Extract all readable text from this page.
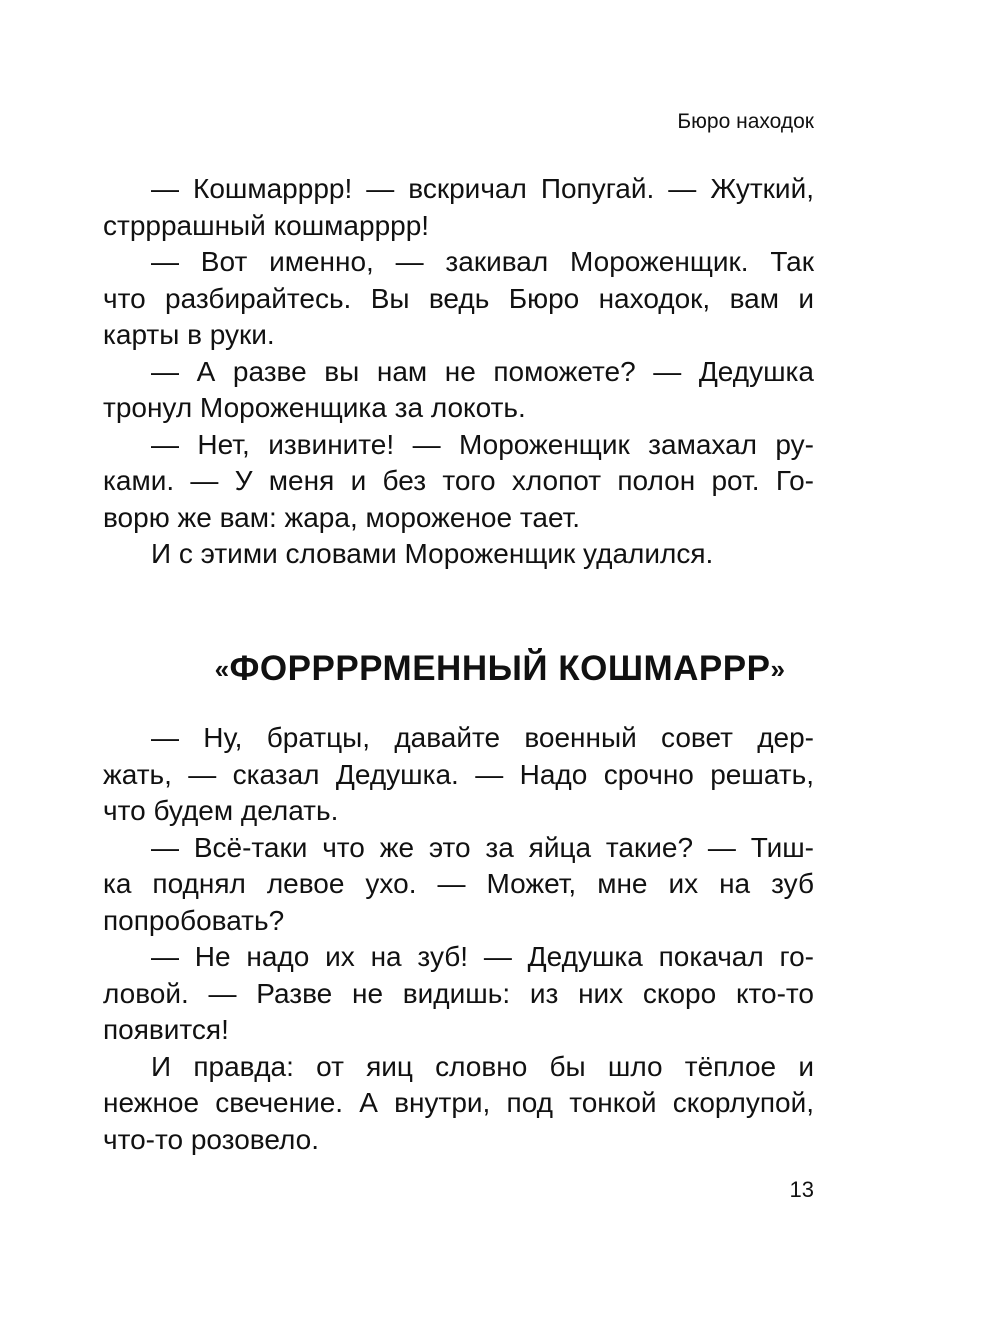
Бюро находок
— Кошмарррр! — вскричал Попугай. — Жуткий,
стрррашный кошмарррр!
— Вот именно, — закивал Мороженщик. Так
что разбирайтесь. Вы ведь Бюро находок, вам и
карты в руки.
— А разве вы нам не поможете? — Дедушка
тронул Мороженщика за локоть.
— Нет, извините! — Мороженщик замахал ру-
ками. — У меня и без того хлопот полон рот. Го-
ворю же вам: жара, мороженое тает.
И с этими словами Мороженщик удалился.
«ФОРРРРМЕННЫЙ КОШМАРРР»
— Ну, братцы, давайте военный совет дер-
жать, — сказал Дедушка. — Надо срочно решать,
что будем делать.
— Всё-таки что же это за яйца такие? — Тиш-
ка поднял левое ухо. — Может, мне их на зуб
попробовать?
— Не надо их на зуб! — Дедушка покачал го-
ловой. — Разве не видишь: из них скоро кто-то
появится!
И правда: от яиц словно бы шло тёплое и
нежное свечение. А внутри, под тонкой скорлупой,
что-то розовело.
13
